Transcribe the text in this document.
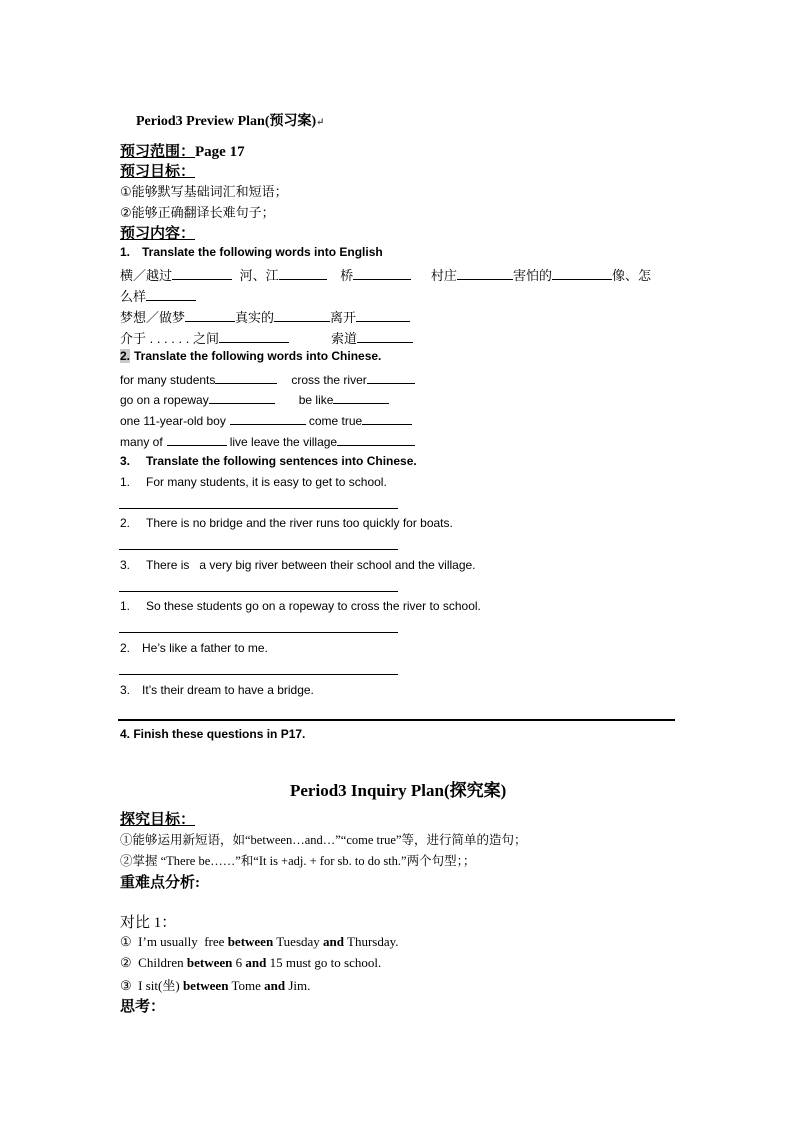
Period3 Preview Plan(预习案)↵
预习范围：Page 17
预习目标：
①能够默写基础词汇和短语；
②能够正确翻译长难句子；
预习内容：
1. Translate the following words into English
横／越过	河、江	桥	村庄	害怕的	像、怎
么样
梦想／做梦	真实的	离开
介于 . . . . . . 之间	索道
2. Translate the following words into Chinese.
for many students	cross the river
go on a ropeway	be like
one 11-year-old boy	come true
many of	live leave the village
3. Translate the following sentences into Chinese.
1. For many students, it is easy to get to school.
2. There is no bridge and the river runs too quickly for boats.
3. There is   a very big river between their school and the village.
1. So these students go on a ropeway to cross the river to school.
2. He’s like a father to me.
3. It’s their dream to have a bridge.
4. Finish these questions in P17.
Period3 Inquiry Plan(探究案)
探究目标：
①能够运用新短语，如“between…and…”“come true”等，进行简单的造句；
②掌握 “There be……”和“It is +adj. + for sb. to do sth.”两个句型；；
重难点分析:
对比 1：
① I’m usually  free between Tuesday and Thursday.
② Children between 6 and 15 must go to school.
③ I sit(坐) between Tome and Jim.
思考：
